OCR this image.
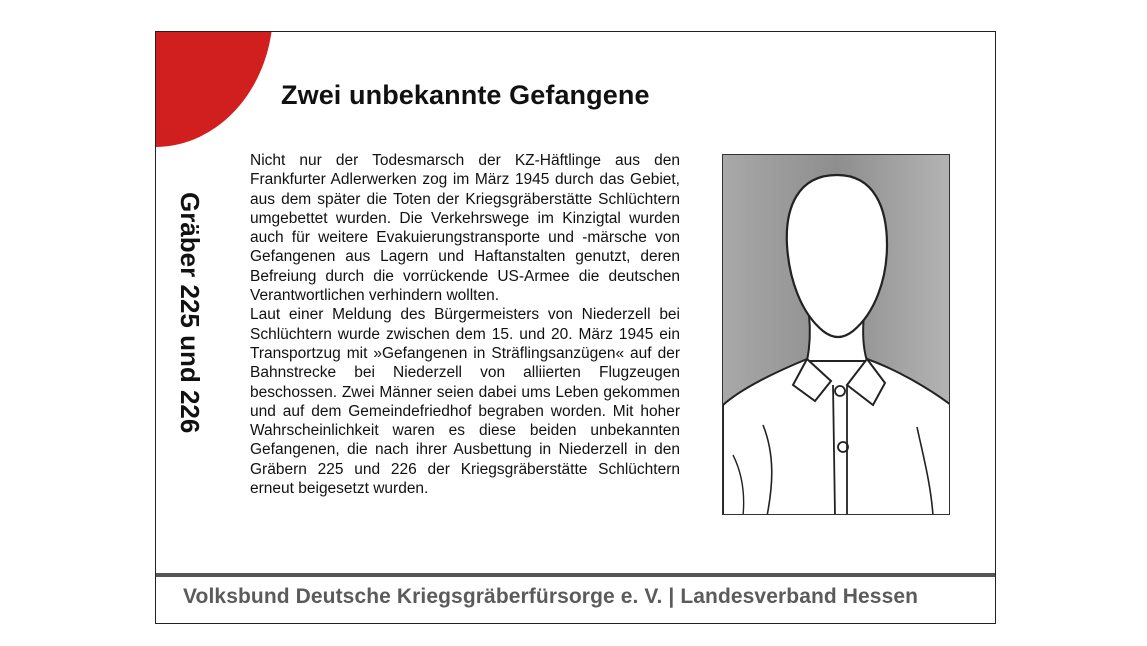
Zwei unbekannte Gefangene
Gräber 225 und 226

Nicht nur der Todesmarsch der KZ-Häftlinge aus den Frankfurter Adlerwerken zog im März 1945 durch das Gebiet, aus dem später die Toten der Kriegsgräberstätte Schlüchtern umgebettet wurden. Die Verkehrswege im Kinzigtal wurden auch für weitere Evakuierungstransporte und -märsche von Gefangenen aus Lagern und Haftanstalten genutzt, deren Befreiung durch die vorrückende US-Armee die deutschen Verantwortlichen verhindern wollten.

Laut einer Meldung des Bürgermeisters von Niederzell bei Schlüchtern wurde zwischen dem 15. und 20. März 1945 ein Transportzug mit »Gefangenen in Sträflingsanzügen« auf der Bahnstrecke bei Niederzell von alliierten Flugzeugen beschossen. Zwei Männer seien dabei ums Leben gekommen und auf dem Gemeindefriedhof begraben worden. Mit hoher Wahrscheinlichkeit waren es diese beiden unbekannten Gefangenen, die nach ihrer Ausbettung in Niederzell in den Gräbern 225 und 226 der Kriegsgräberstätte Schlüchtern erneut beigesetzt wurden.

Volksbund Deutsche Kriegsgräberfürsorge e. V. | Landesverband Hessen
